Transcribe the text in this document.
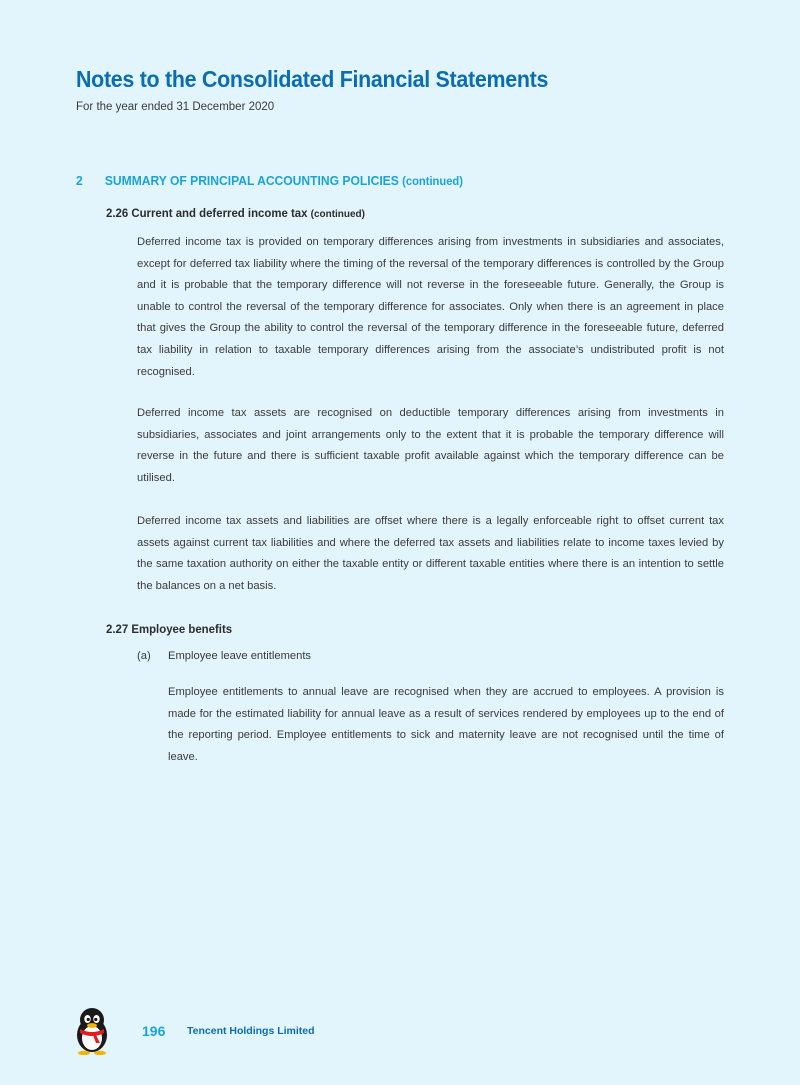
Notes to the Consolidated Financial Statements
For the year ended 31 December 2020
2 SUMMARY OF PRINCIPAL ACCOUNTING POLICIES (continued)
2.26 Current and deferred income tax (continued)

Deferred income tax is provided on temporary differences arising from investments in subsidiaries and associates, except for deferred tax liability where the timing of the reversal of the temporary differences is controlled by the Group and it is probable that the temporary difference will not reverse in the foreseeable future. Generally, the Group is unable to control the reversal of the temporary difference for associates. Only when there is an agreement in place that gives the Group the ability to control the reversal of the temporary difference in the foreseeable future, deferred tax liability in relation to taxable temporary differences arising from the associate’s undistributed profit is not recognised.

Deferred income tax assets are recognised on deductible temporary differences arising from investments in subsidiaries, associates and joint arrangements only to the extent that it is probable the temporary difference will reverse in the future and there is sufficient taxable profit available against which the temporary difference can be utilised.

Deferred income tax assets and liabilities are offset where there is a legally enforceable right to offset current tax assets against current tax liabilities and where the deferred tax assets and liabilities relate to income taxes levied by the same taxation authority on either the taxable entity or different taxable entities where there is an intention to settle the balances on a net basis.

2.27 Employee benefits
(a) Employee leave entitlements

Employee entitlements to annual leave are recognised when they are accrued to employees. A provision is made for the estimated liability for annual leave as a result of services rendered by employees up to the end of the reporting period. Employee entitlements to sick and maternity leave are not recognised until the time of leave.

196 Tencent Holdings Limited
